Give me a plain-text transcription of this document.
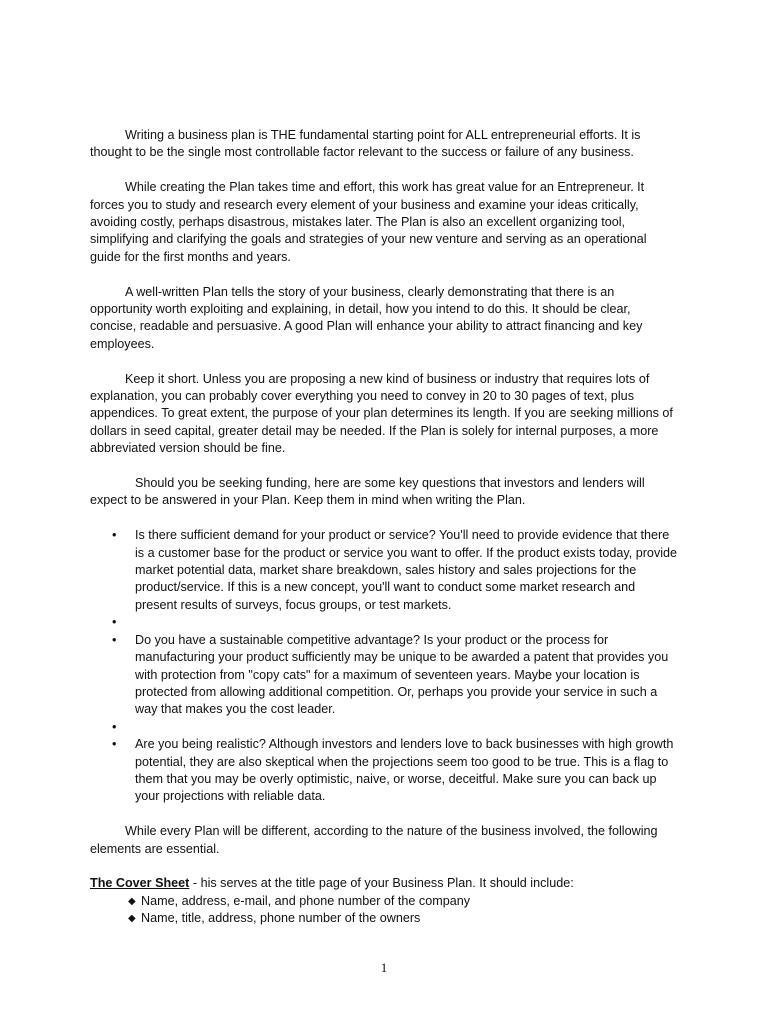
Writing a business plan is THE fundamental starting point for ALL entrepreneurial efforts. It is thought to be the single most controllable factor relevant to the success or failure of any business.

While creating the Plan takes time and effort, this work has great value for an Entrepreneur. It forces you to study and research every element of your business and examine your ideas critically, avoiding costly, perhaps disastrous, mistakes later. The Plan is also an excellent organizing tool, simplifying and clarifying the goals and strategies of your new venture and serving as an operational guide for the first months and years.

A well-written Plan tells the story of your business, clearly demonstrating that there is an opportunity worth exploiting and explaining, in detail, how you intend to do this. It should be clear, concise, readable and persuasive. A good Plan will enhance your ability to attract financing and key employees.

Keep it short. Unless you are proposing a new kind of business or industry that requires lots of explanation, you can probably cover everything you need to convey in 20 to 30 pages of text, plus appendices. To great extent, the purpose of your plan determines its length. If you are seeking millions of dollars in seed capital, greater detail may be needed. If the Plan is solely for internal purposes, a more abbreviated version should be fine.

Should you be seeking funding, here are some key questions that investors and lenders will expect to be answered in your Plan. Keep them in mind when writing the Plan.

• Is there sufficient demand for your product or service? You'll need to provide evidence that there is a customer base for the product or service you want to offer. If the product exists today, provide market potential data, market share breakdown, sales history and sales projections for the product/service. If this is a new concept, you'll want to conduct some market research and present results of surveys, focus groups, or test markets.
•
• Do you have a sustainable competitive advantage? Is your product or the process for manufacturing your product sufficiently may be unique to be awarded a patent that provides you with protection from "copy cats" for a maximum of seventeen years. Maybe your location is protected from allowing additional competition. Or, perhaps you provide your service in such a way that makes you the cost leader.
•
• Are you being realistic? Although investors and lenders love to back businesses with high growth potential, they are also skeptical when the projections seem too good to be true. This is a flag to them that you may be overly optimistic, naive, or worse, deceitful. Make sure you can back up your projections with reliable data.

While every Plan will be different, according to the nature of the business involved, the following elements are essential.

The Cover Sheet - his serves at the title page of your Business Plan. It should include:

◆ Name, address, e-mail, and phone number of the company
◆ Name, title, address, phone number of the owners
1
